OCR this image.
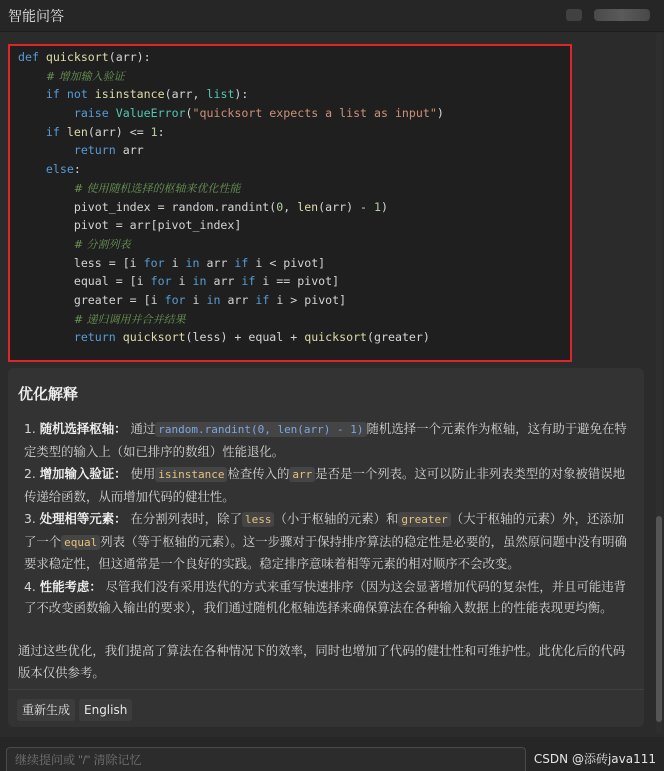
智能问答
def quicksort(arr):
# 增加输入验证
if not isinstance(arr, list):
raise ValueError("quicksort expects a list as input")
if len(arr) <= 1:
return arr
else:
# 使用随机选择的枢轴来优化性能
pivot_index = random.randint(0, len(arr) - 1)
pivot = arr[pivot_index]
# 分割列表
less = [i for i in arr if i < pivot]
equal = [i for i in arr if i == pivot]
greater = [i for i in arr if i > pivot]
# 递归调用并合并结果
return quicksort(less) + equal + quicksort(greater)
优化解释
1. 随机选择枢轴： 通过 random.randint(0, len(arr) - 1) 随机选择一个元素作为枢轴，这有助于避免在特定类型的输入上（如已排序的数组）性能退化。
2. 增加输入验证： 使用 isinstance 检查传入的 arr 是否是一个列表。这可以防止非列表类型的对象被错误地传递给函数，从而增加代码的健壮性。
3. 处理相等元素： 在分割列表时，除了 less （小于枢轴的元素）和 greater （大于枢轴的元素）外，还添加了一个 equal 列表（等于枢轴的元素）。这一步骤对于保持排序算法的稳定性是必要的，虽然原问题中没有明确要求稳定性，但这通常是一个良好的实践。稳定排序意味着相等元素的相对顺序不会改变。
4. 性能考虑： 尽管我们没有采用迭代的方式来重写快速排序（因为这会显著增加代码的复杂性，并且可能违背了不改变函数输入输出的要求），我们通过随机化枢轴选择来确保算法在各种输入数据上的性能表现更均衡。

通过这些优化，我们提高了算法在各种情况下的效率，同时也增加了代码的健壮性和可维护性。此优化后的代码版本仅供参考。

重新生成	English
继续提问或 "/" 清除记忆
CSDN @添砖java111
